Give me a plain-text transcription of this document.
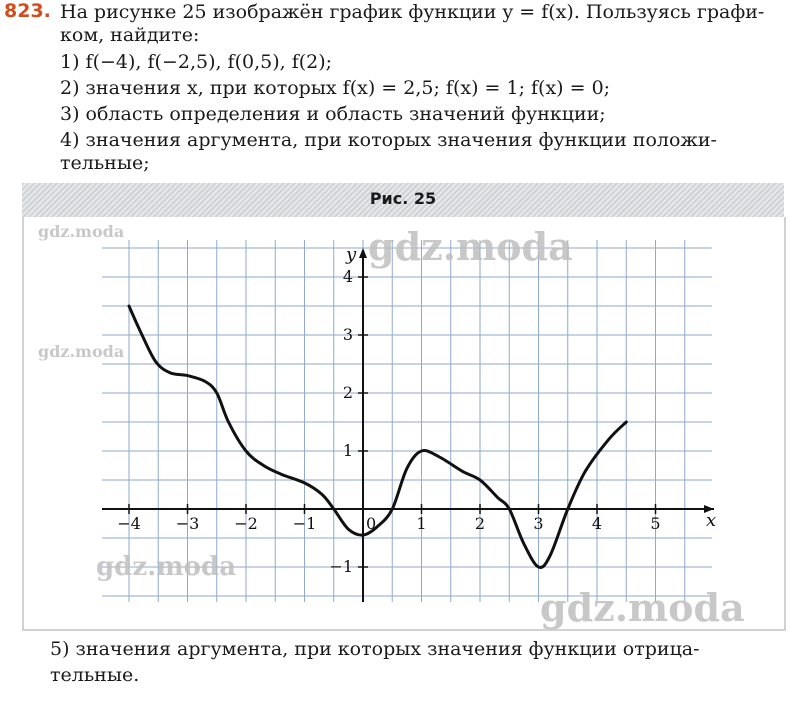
823. На рисунке 25 изображён график функции y = f(x). Пользуясь графи-
ком, найдите:
1) f(−4), f(−2,5), f(0,5), f(2);
2) значения x, при которых f(x) = 2,5; f(x) = 1; f(x) = 0;
3) область определения и область значений функции;
4) значения аргумента, при которых значения функции положи-
тельные;
Рис. 25
x
y
−4 −3 −2 −1	1	2	3	4	5
−1
1
2
3
4
0
gdz.moda
gdz.moda
gdz.moda
gdz.moda
gdz.moda
5) значения аргумента, при которых значения функции отрица-
тельные.
